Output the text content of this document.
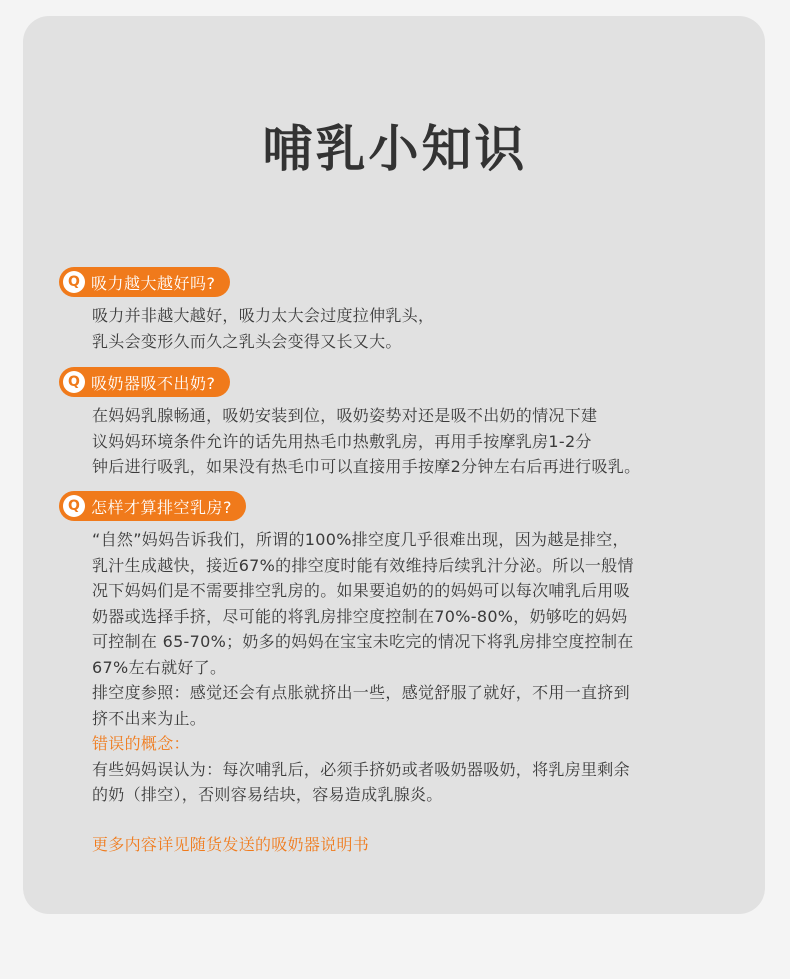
哺乳小知识
Q 吸力越大越好吗?
吸力并非越大越好，吸力太大会过度拉伸乳头，
乳头会变形久而久之乳头会变得又长又大。
Q 吸奶器吸不出奶?
在妈妈乳腺畅通，吸奶安装到位，吸奶姿势对还是吸不出奶的情况下建
议妈妈环境条件允许的话先用热毛巾热敷乳房，再用手按摩乳房1-2分
钟后进行吸乳，如果没有热毛巾可以直接用手按摩2分钟左右后再进行吸乳。
Q 怎样才算排空乳房?
“自然”妈妈告诉我们，所谓的100%排空度几乎很难出现，因为越是排空，
乳汁生成越快，接近67%的排空度时能有效维持后续乳汁分泌。所以一般情
况下妈妈们是不需要排空乳房的。如果要追奶的的妈妈可以每次哺乳后用吸
奶器或选择手挤，尽可能的将乳房排空度控制在70%-80%，奶够吃的妈妈
可控制在 65-70%；奶多的妈妈在宝宝未吃完的情况下将乳房排空度控制在
67%左右就好了。
排空度参照：感觉还会有点胀就挤出一些，感觉舒服了就好，不用一直挤到
挤不出来为止。
错误的概念：
有些妈妈误认为：每次哺乳后，必须手挤奶或者吸奶器吸奶，将乳房里剩余
的奶（排空），否则容易结块，容易造成乳腺炎。
更多内容详见随货发送的吸奶器说明书
